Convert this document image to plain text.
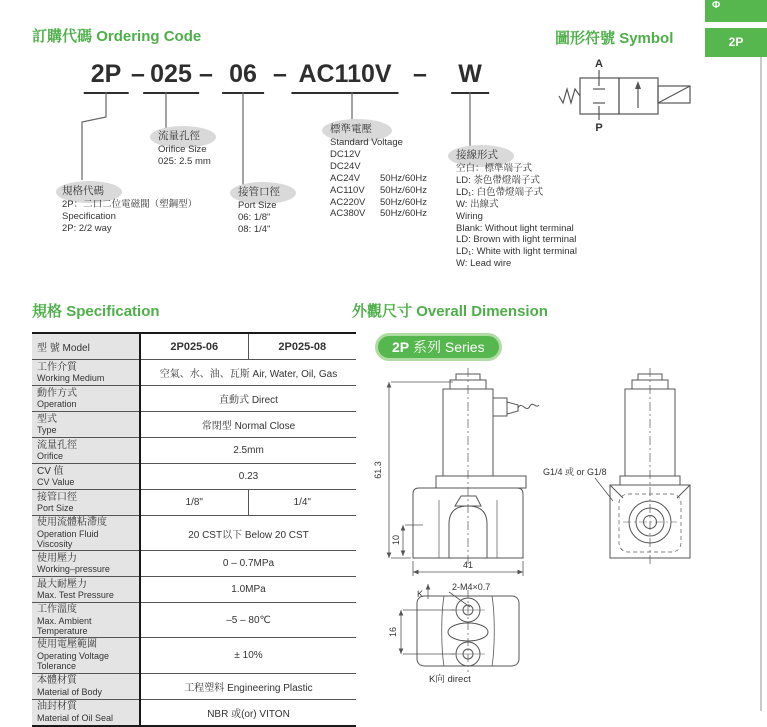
Φ
2P
訂購代碼 Ordering Code
2P – 025 – 06 – AC110V – W
規格代碼
2P：二口二位電磁閥（塑鋼型）
Specification
2P: 2/2 way
流量孔徑
Orifice Size
025: 2.5 mm
接管口徑
Port Size
06: 1/8"
08: 1/4"
標準電壓
Standard Voltage
DC12V
DC24V
AC24V	50Hz/60Hz
AC110V	50Hz/60Hz
AC220V	50Hz/60Hz
AC380V	50Hz/60Hz
接線形式
空白：標準端子式
LD: 茶色帶燈端子式
LD₁: 白色帶燈端子式
W: 出線式
Wiring
Blank: Without light terminal
LD: Brown with light terminal
LD₁: White with light terminal
W: Lead wire
圖形符號 Symbol
A
P
規格 Specification
型 號 Model	2P025-06	2P025-08

工作介質
Working Medium	空氣、水、油、瓦斯 Air, Water, Oil, Gas	

動作方式
Operation	直動式 Direct	

型式
Type	常閉型 Normal Close	

流量孔徑
Orifice	2.5mm	

CV 值
CV Value	0.23	

接管口徑
Port Size	1/8"	1/4"

使用流體粘滯度
Operation Fluid Viscosity	20 CST以下 Below 20 CST	

使用壓力
Working–pressure	0 – 0.7MPa	

最大耐壓力
Max. Test Pressure	1.0MPa	

工作溫度
Max. Ambient Temperature	–5 – 80℃	

使用電壓範圍
Operating Voltage Tolerance	± 10%	

本體材質
Material of Body	工程塑料 Engineering Plastic	

油封材質
Material of Oil Seal	NBR 或(or) VITON	
外觀尺寸 Overall Dimension
2P 系列 Series
61.3
10
41
K
2-M4×0.7
16
K向 direct
G1/4 或 or G1/8
